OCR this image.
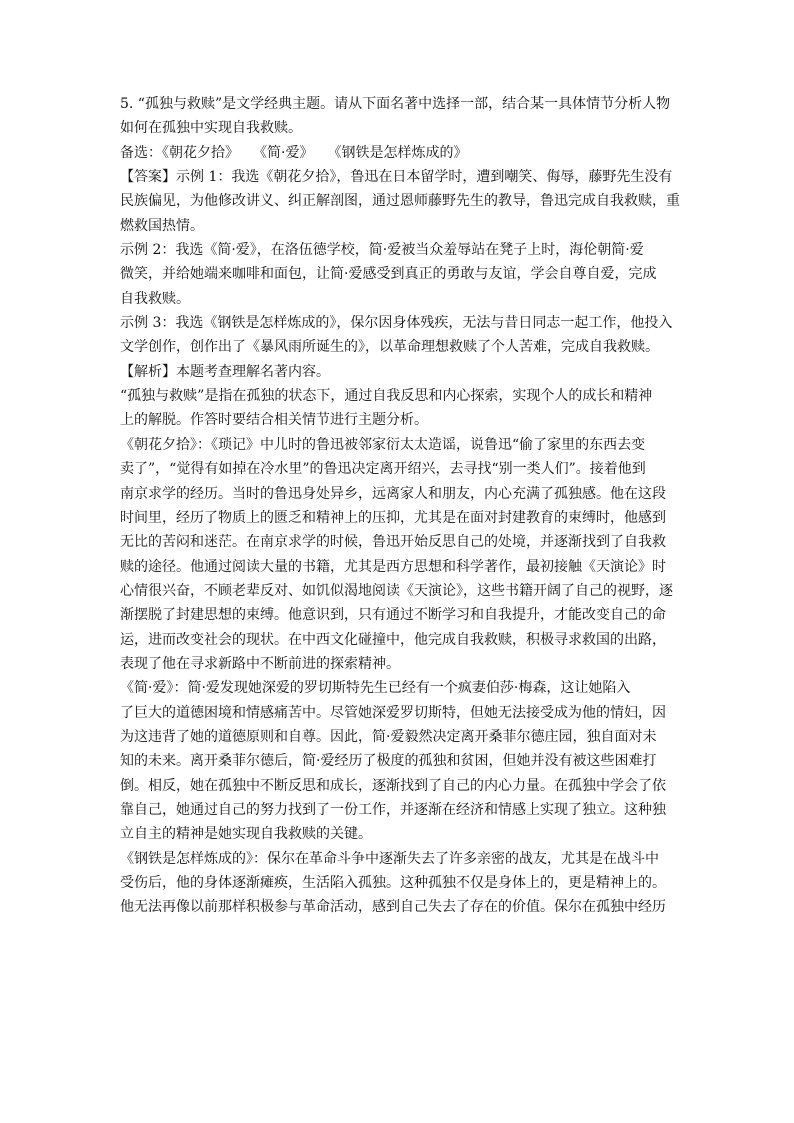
5. “孤独与救赎”是文学经典主题。请从下面名著中选择一部，结合某一具体情节分析人物
如何在孤独中实现自我救赎。
备选：《朝花夕拾》　　《简·爱》　　《钢铁是怎样炼成的》
【答案】示例 1：我选《朝花夕拾》，鲁迅在日本留学时，遭到嘲笑、侮辱，藤野先生没有
民族偏见，为他修改讲义、纠正解剖图，通过恩师藤野先生的教导，鲁迅完成自我救赎，重
燃救国热情。
示例 2：我选《简·爱》，在洛伍德学校，简·爱被当众羞辱站在凳子上时，海伦朝简·爱
微笑，并给她端来咖啡和面包，让简·爱感受到真正的勇敢与友谊，学会自尊自爱，完成
自我救赎。
示例 3：我选《钢铁是怎样炼成的》，保尔因身体残疾，无法与昔日同志一起工作，他投入
文学创作，创作出了《暴风雨所诞生的》，以革命理想救赎了个人苦难，完成自我救赎。
【解析】本题考查理解名著内容。
“孤独与救赎”是指在孤独的状态下，通过自我反思和内心探索，实现个人的成长和精神
上的解脱。作答时要结合相关情节进行主题分析。
《朝花夕拾》：《琐记》中儿时的鲁迅被邻家衍太太造谣，说鲁迅“偷了家里的东西去变
卖了”，“觉得有如掉在冷水里”的鲁迅决定离开绍兴，去寻找“别一类人们”。接着他到
南京求学的经历。当时的鲁迅身处异乡，远离家人和朋友，内心充满了孤独感。他在这段
时间里，经历了物质上的匮乏和精神上的压抑，尤其是在面对封建教育的束缚时，他感到
无比的苦闷和迷茫。在南京求学的时候，鲁迅开始反思自己的处境，并逐渐找到了自我救
赎的途径。他通过阅读大量的书籍，尤其是西方思想和科学著作，最初接触《天演论》时
心情很兴奋，不顾老辈反对、如饥似渴地阅读《天演论》，这些书籍开阔了自己的视野，逐
渐摆脱了封建思想的束缚。他意识到，只有通过不断学习和自我提升，才能改变自己的命
运，进而改变社会的现状。在中西文化碰撞中，他完成自我救赎，积极寻求救国的出路，
表现了他在寻求新路中不断前进的探索精神。
《简·爱》：简·爱发现她深爱的罗切斯特先生已经有一个疯妻伯莎·梅森，这让她陷入
了巨大的道德困境和情感痛苦中。尽管她深爱罗切斯特，但她无法接受成为他的情妇，因
为这违背了她的道德原则和自尊。因此，简·爱毅然决定离开桑菲尔德庄园，独自面对未
知的未来。离开桑菲尔德后，简·爱经历了极度的孤独和贫困，但她并没有被这些困难打
倒。相反，她在孤独中不断反思和成长，逐渐找到了自己的内心力量。在孤独中学会了依
靠自己，她通过自己的努力找到了一份工作，并逐渐在经济和情感上实现了独立。这种独
立自主的精神是她实现自我救赎的关键。
《钢铁是怎样炼成的》：保尔在革命斗争中逐渐失去了许多亲密的战友，尤其是在战斗中
受伤后，他的身体逐渐瘫痪，生活陷入孤独。这种孤独不仅是身体上的，更是精神上的。
他无法再像以前那样积极参与革命活动，感到自己失去了存在的价值。保尔在孤独中经历
